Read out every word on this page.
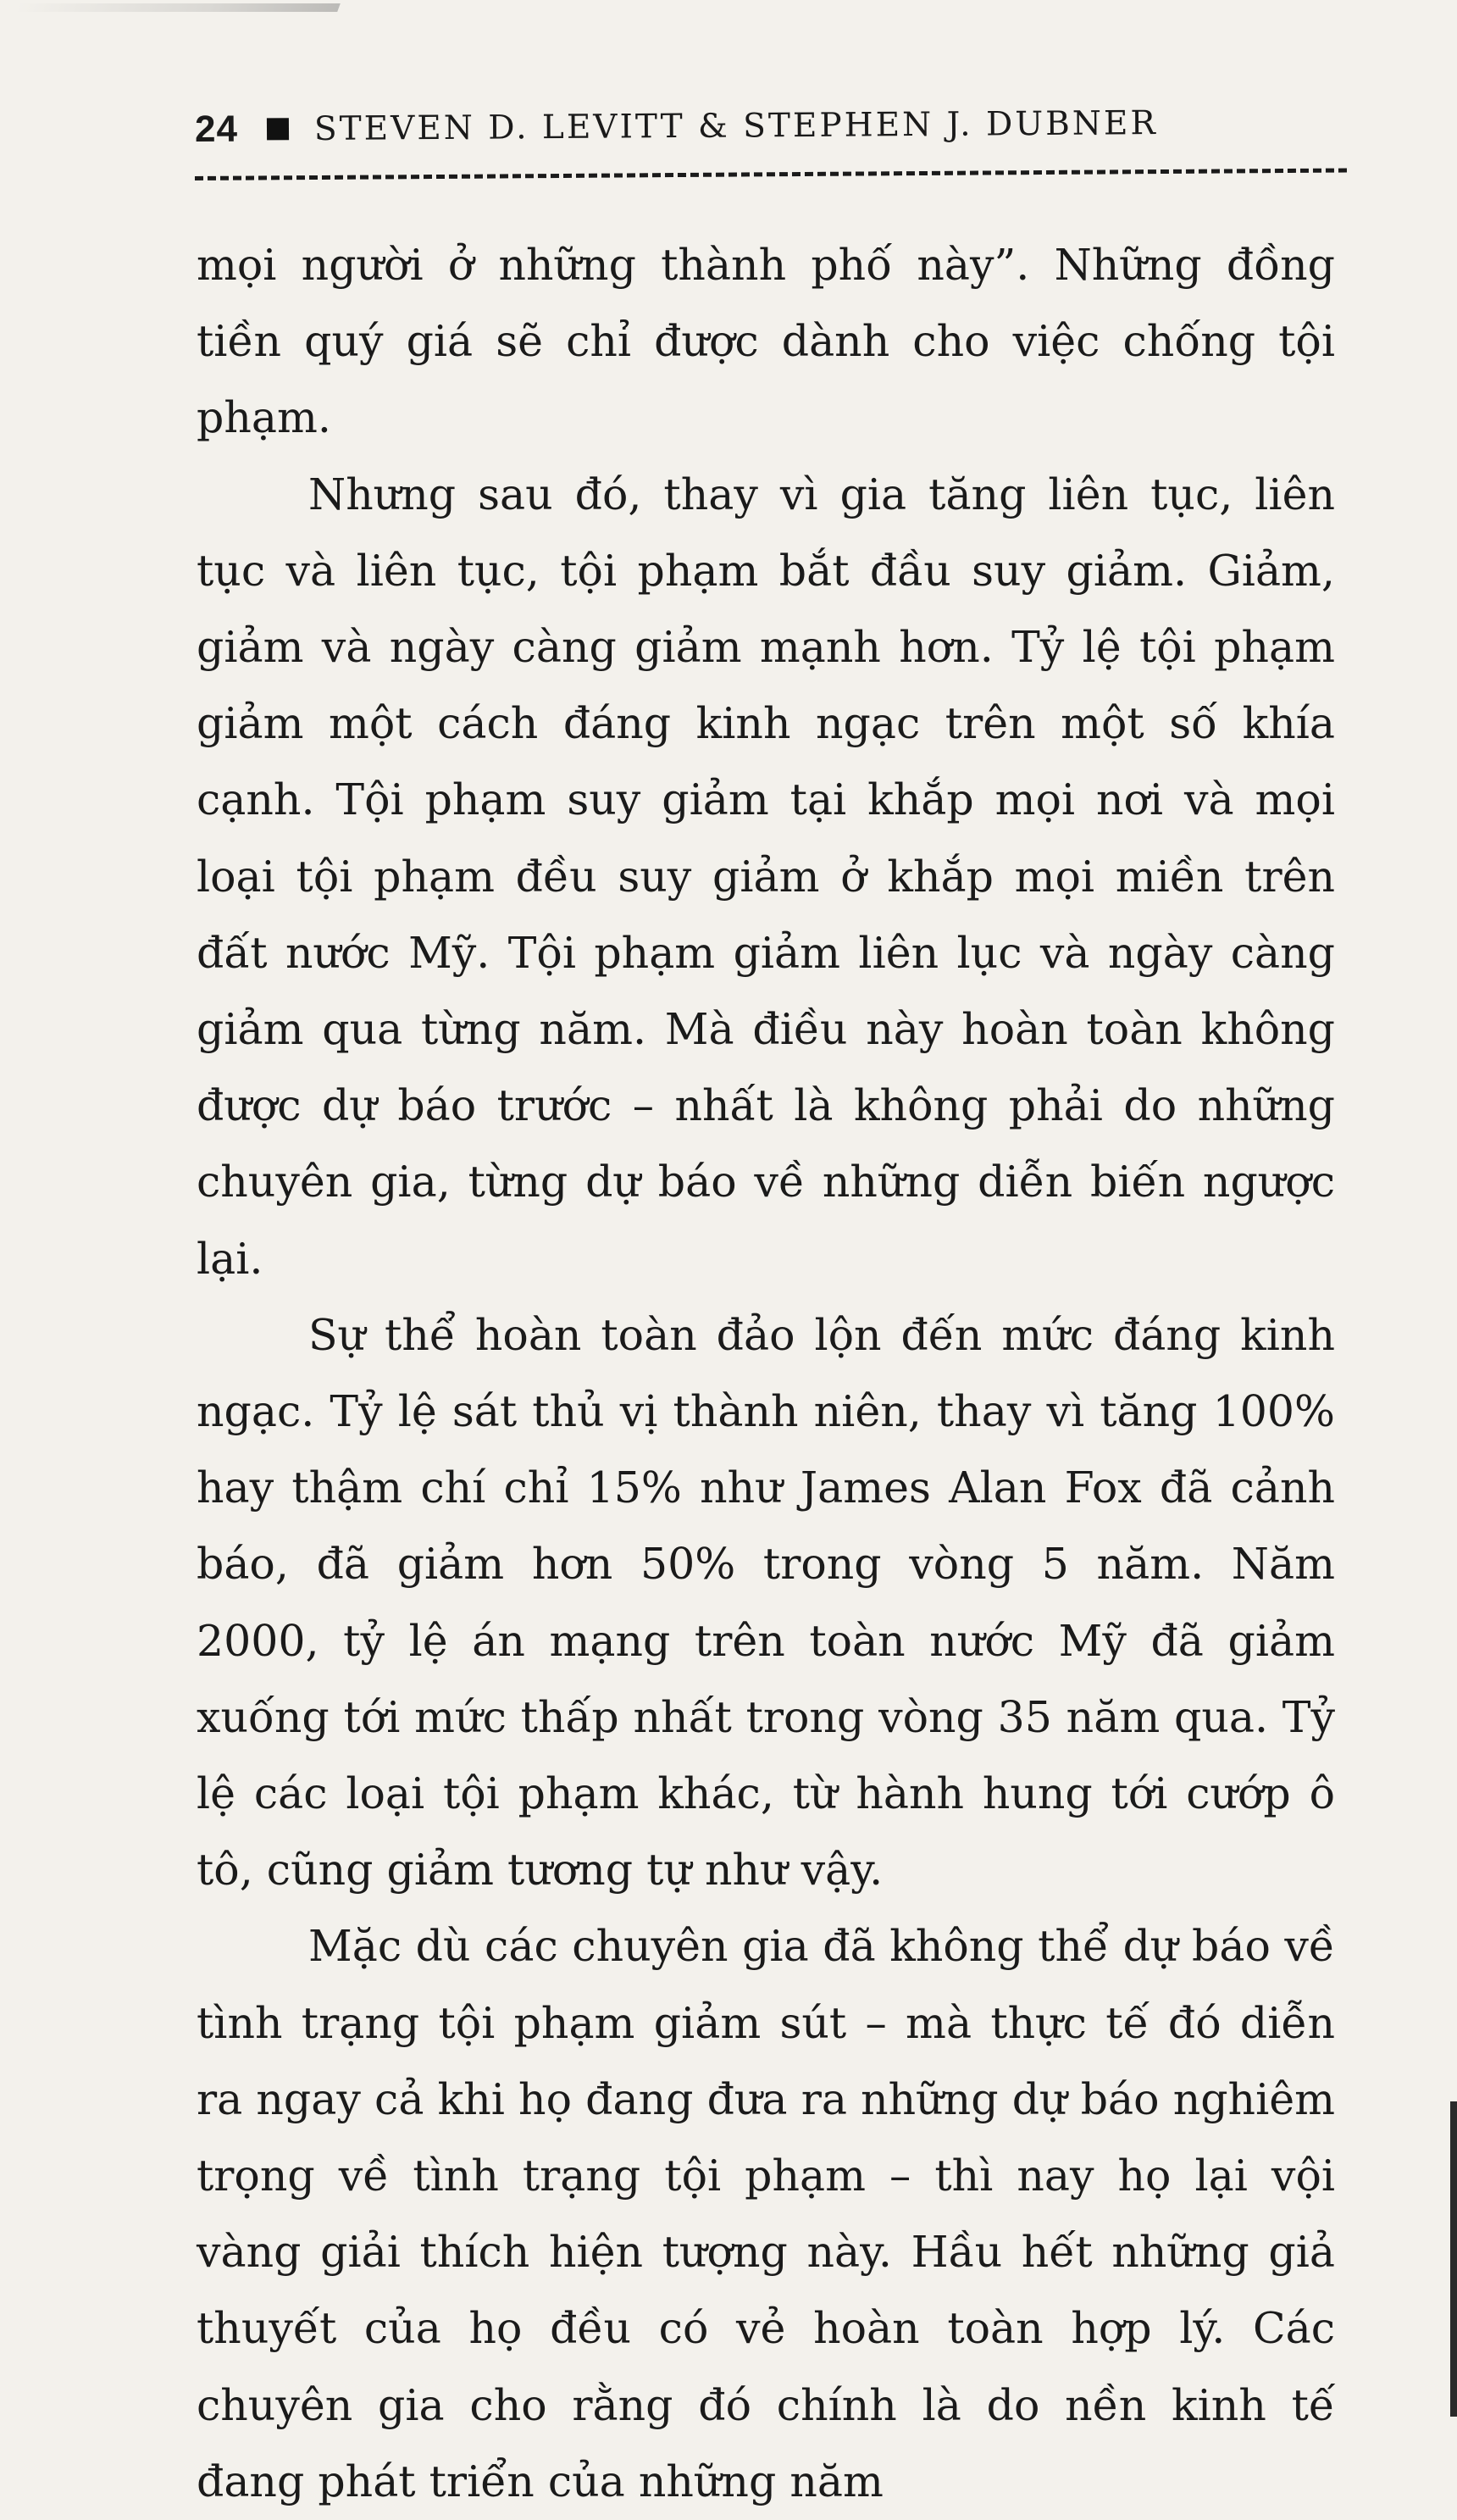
24 STEVEN D. LEVITT & STEPHEN J. DUBNER

mọi người ở những thành phố này”. Những đồng tiền quý giá sẽ chỉ được dành cho việc chống tội phạm.

Nhưng sau đó, thay vì gia tăng liên tục, liên tục và liên tục, tội phạm bắt đầu suy giảm. Giảm, giảm và ngày càng giảm mạnh hơn. Tỷ lệ tội phạm giảm một cách đáng kinh ngạc trên một số khía cạnh. Tội phạm suy giảm tại khắp mọi nơi và mọi loại tội phạm đều suy giảm ở khắp mọi miền trên đất nước Mỹ. Tội phạm giảm liên lục và ngày càng giảm qua từng năm. Mà điều này hoàn toàn không được dự báo trước – nhất là không phải do những chuyên gia, từng dự báo về những diễn biến ngược lại.

Sự thể hoàn toàn đảo lộn đến mức đáng kinh ngạc. Tỷ lệ sát thủ vị thành niên, thay vì tăng 100% hay thậm chí chỉ 15% như James Alan Fox đã cảnh báo, đã giảm hơn 50% trong vòng 5 năm. Năm 2000, tỷ lệ án mạng trên toàn nước Mỹ đã giảm xuống tới mức thấp nhất trong vòng 35 năm qua. Tỷ lệ các loại tội phạm khác, từ hành hung tới cướp ô tô, cũng giảm tương tự như vậy.

Mặc dù các chuyên gia đã không thể dự báo về tình trạng tội phạm giảm sút – mà thực tế đó diễn ra ngay cả khi họ đang đưa ra những dự báo nghiêm trọng về tình trạng tội phạm – thì nay họ lại vội vàng giải thích hiện tượng này. Hầu hết những giả thuyết của họ đều có vẻ hoàn toàn hợp lý. Các chuyên gia cho rằng đó chính là do nền kinh tế đang phát triển của những năm
